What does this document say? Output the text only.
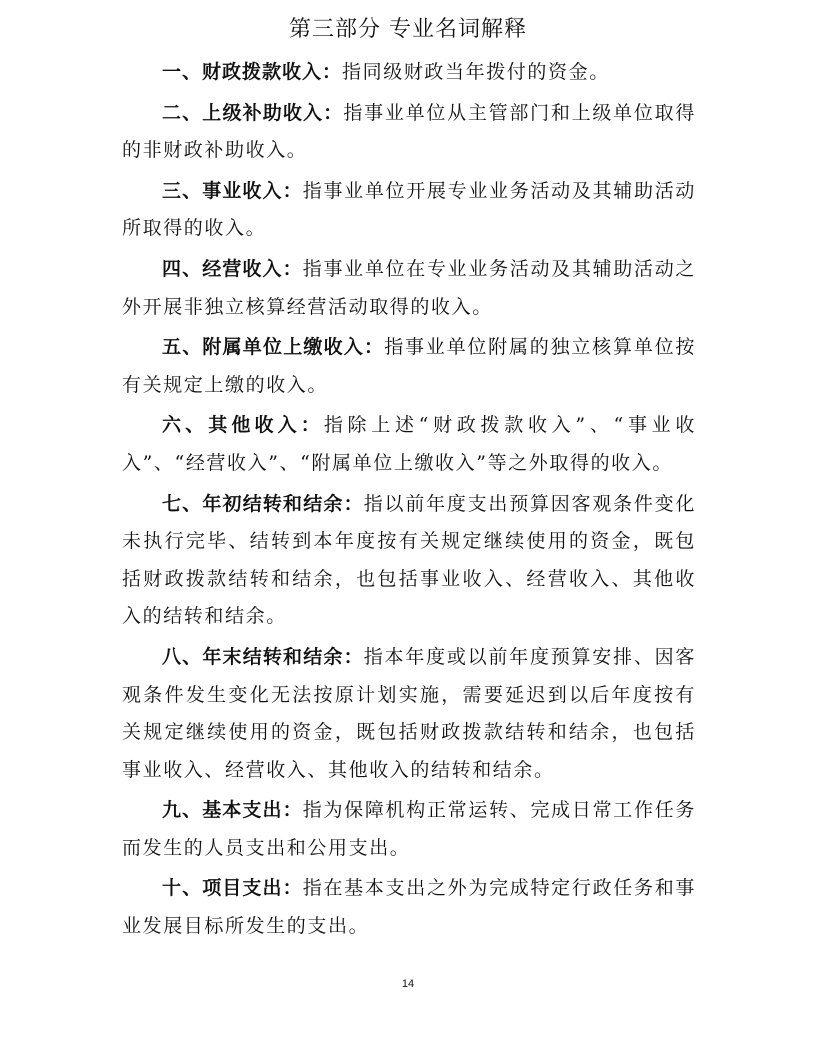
第三部分 专业名词解释

一、财政拨款收入：指同级财政当年拨付的资金。

二、上级补助收入：指事业单位从主管部门和上级单位取得的非财政补助收入。

三、事业收入：指事业单位开展专业业务活动及其辅助活动所取得的收入。

四、经营收入：指事业单位在专业业务活动及其辅助活动之外开展非独立核算经营活动取得的收入。

五、附属单位上缴收入：指事业单位附属的独立核算单位按有关规定上缴的收入。

六、其他收入：指除上述“财政拨款收入”、“事业收入”、“经营收入”、“附属单位上缴收入”等之外取得的收入。

七、年初结转和结余：指以前年度支出预算因客观条件变化未执行完毕、结转到本年度按有关规定继续使用的资金，既包括财政拨款结转和结余，也包括事业收入、经营收入、其他收入的结转和结余。

八、年末结转和结余：指本年度或以前年度预算安排、因客观条件发生变化无法按原计划实施，需要延迟到以后年度按有关规定继续使用的资金，既包括财政拨款结转和结余，也包括事业收入、经营收入、其他收入的结转和结余。

九、基本支出：指为保障机构正常运转、完成日常工作任务而发生的人员支出和公用支出。

十、项目支出：指在基本支出之外为完成特定行政任务和事业发展目标所发生的支出。

14
